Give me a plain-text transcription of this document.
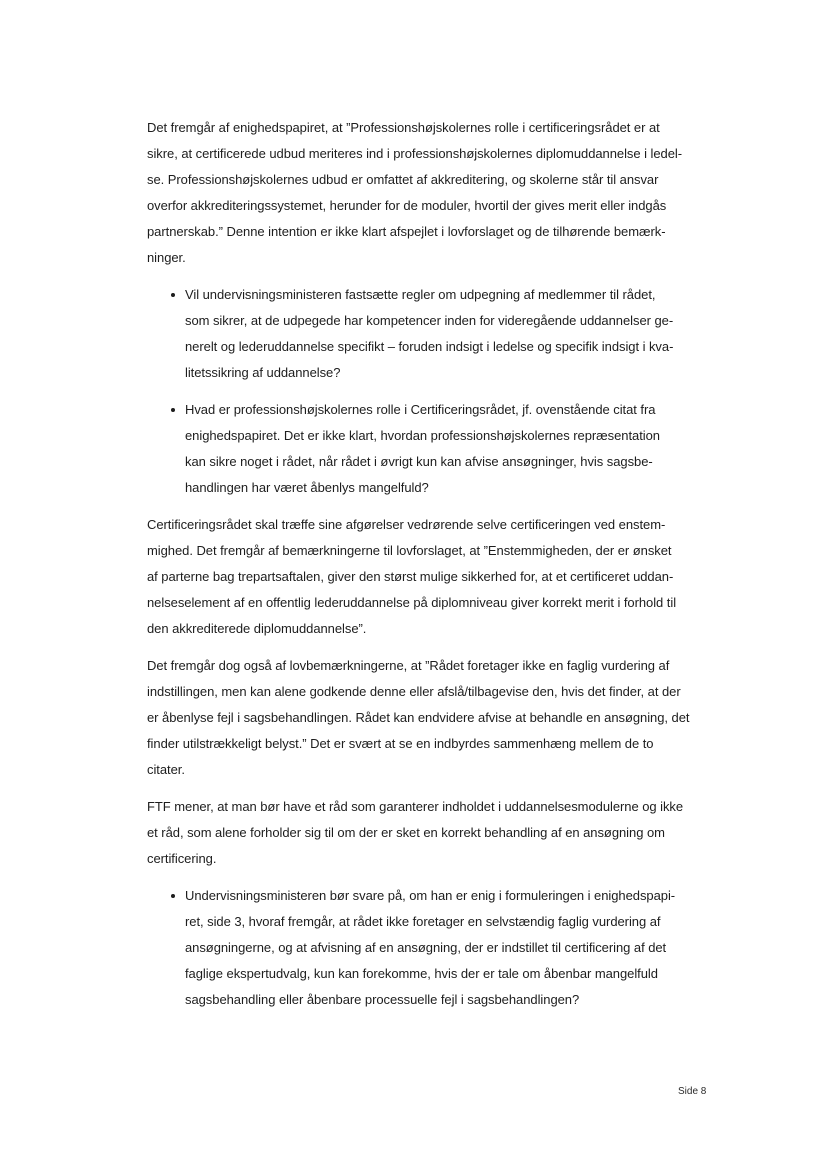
Det fremgår af enighedspapiret, at ”Professionshøjskolernes rolle i certificeringsrådet er at
sikre, at certificerede udbud meriteres ind i professionshøjskolernes diplomuddannelse i ledel-
se. Professionshøjskolernes udbud er omfattet af akkreditering, og skolerne står til ansvar
overfor akkrediteringssystemet, herunder for de moduler, hvortil der gives merit eller indgås
partnerskab.” Denne intention er ikke klart afspejlet i lovforslaget og de tilhørende bemærk-
ninger.
Vil undervisningsministeren fastsætte regler om udpegning af medlemmer til rådet,
som sikrer, at de udpegede har kompetencer inden for videregående uddannelser ge-
nerelt og lederuddannelse specifikt – foruden indsigt i ledelse og specifik indsigt i kva-
litetssikring af uddannelse?
Hvad er professionshøjskolernes rolle i Certificeringsrådet, jf. ovenstående citat fra
enighedspapiret. Det er ikke klart, hvordan professionshøjskolernes repræsentation
kan sikre noget i rådet, når rådet i øvrigt kun kan afvise ansøgninger, hvis sagsbe-
handlingen har været åbenlys mangelfuld?
Certificeringsrådet skal træffe sine afgørelser vedrørende selve certificeringen ved enstem-
mighed. Det fremgår af bemærkningerne til lovforslaget, at ”Enstemmigheden, der er ønsket
af parterne bag trepartsaftalen, giver den størst mulige sikkerhed for, at et certificeret uddan-
nelseselement af en offentlig lederuddannelse på diplomniveau giver korrekt merit i forhold til
den akkrediterede diplomuddannelse”.
Det fremgår dog også af lovbemærkningerne, at ”Rådet foretager ikke en faglig vurdering af
indstillingen, men kan alene godkende denne eller afslå/tilbagevise den, hvis det finder, at der
er åbenlyse fejl i sagsbehandlingen. Rådet kan endvidere afvise at behandle en ansøgning, det
finder utilstrækkeligt belyst.” Det er svært at se en indbyrdes sammenhæng mellem de to
citater.
FTF mener, at man bør have et råd som garanterer indholdet i uddannelsesmodulerne og ikke
et råd, som alene forholder sig til om der er sket en korrekt behandling af en ansøgning om
certificering.
Undervisningsministeren bør svare på, om han er enig i formuleringen i enighedspapi-
ret, side 3, hvoraf fremgår, at rådet ikke foretager en selvstændig faglig vurdering af
ansøgningerne, og at afvisning af en ansøgning, der er indstillet til certificering af det
faglige ekspertudvalg, kun kan forekomme, hvis der er tale om åbenbar mangelfuld
sagsbehandling eller åbenbare processuelle fejl i sagsbehandlingen?
Side 8
